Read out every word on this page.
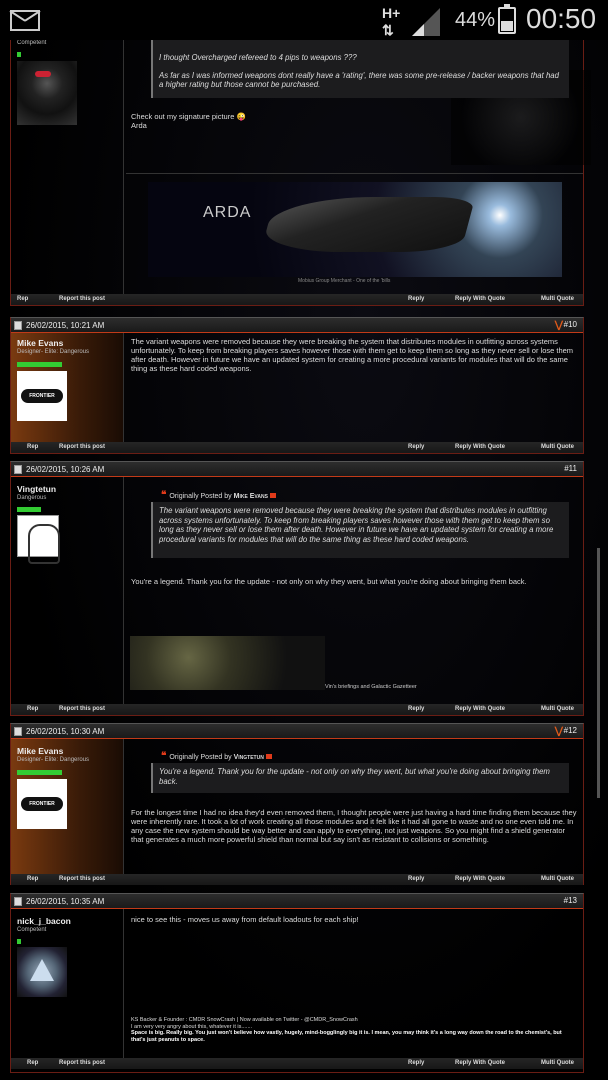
H+
⇅	44% 00:50
Competent
I thought Overcharged refereed to 4 pips to weapons ???
As far as I was informed weapons dont really have a 'rating', there was some pre-release / backer weapons that had a higher rating but those cannot be purchased.
Check out my signature picture 😜
Arda
Rep	Report this post	Reply	Reply With Quote	Multi Quote
ARDA
Mobius Group Merchant - One of the 'bills
26/02/2015, 10:21 AM	⋁ #10
Mike Evans
Designer- Elite: Dangerous
FRONTIER
The variant weapons were removed because they were breaking the system that distributes modules in outfitting across systems unfortunately. To keep from breaking players saves however those with them get to keep them so long as they never sell or lose them after death. However in future we have an updated system for creating a more procedural variants for modules that will do the same thing as these hard coded weapons.
Rep	Report this post	Reply	Reply With Quote	Multi Quote
26/02/2015, 10:26 AM	#11
Vingtetun
Dangerous	❝ Originally Posted by Mike Evans
The variant weapons were removed because they were breaking the system that distributes modules in outfitting across systems unfortunately. To keep from breaking players saves however those with them get to keep them so long as they never sell or lose them after death. However in future we have an updated system for creating a more procedural variants for modules that will do the same thing as these hard coded weapons.
You're a legend. Thank you for the update - not only on why they went, but what you're doing about bringing them back.
Rep	Report this post	Reply	Reply With Quote	Multi Quote
Vin's briefings and Galactic Gazetteer
26/02/2015, 10:30 AM	⋁ #12
Mike Evans
Designer- Elite: Dangerous
FRONTIER	❝ Originally Posted by Vingtetun
You're a legend. Thank you for the update - not only on why they went, but what you're doing about bringing them back.
For the longest time I had no idea they'd even removed them, I thought people were just having a hard time finding them because they were inherently rare. It took a lot of work creating all those modules and it felt like it had all gone to waste and no one even told me. In any case the new system should be way better and can apply to everything, not just weapons. So you might find a shield generator that generates a much more powerful shield than normal but say isn't as resistant to collisions or something.
Rep	Report this post	Reply	Reply With Quote	Multi Quote
26/02/2015, 10:35 AM	#13
nick_j_bacon
Competent
nice to see this - moves us away from default loadouts for each ship!
KS Backer & Founder : CMDR SnowCrash | Now available on Twitter - @CMDR_SnowCrash
I am very very angry about this, whatever it is.......
Space is big. Really big. You just won't believe how vastly, hugely, mind-bogglingly big it is. I mean, you may think it's a long way down the road to the chemist's, but that's just peanuts to space.
Rep	Report this post	Reply	Reply With Quote	Multi Quote
